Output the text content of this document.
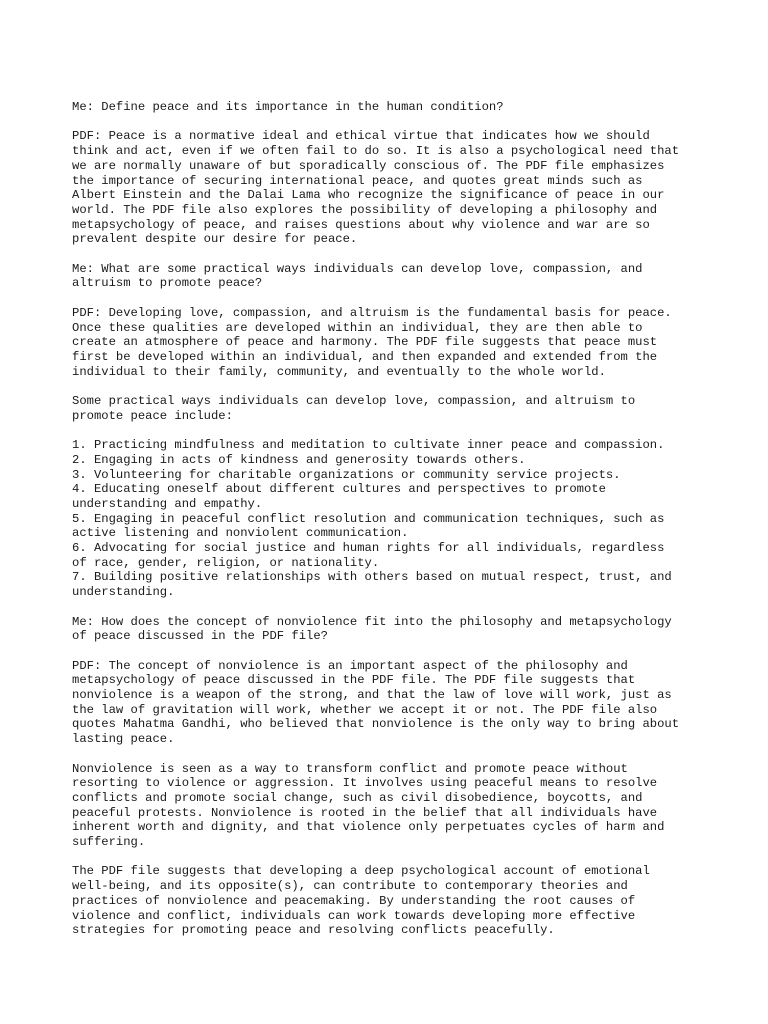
Me: Define peace and its importance in the human condition?

PDF: Peace is a normative ideal and ethical virtue that indicates how we should
think and act, even if we often fail to do so. It is also a psychological need that
we are normally unaware of but sporadically conscious of. The PDF file emphasizes
the importance of securing international peace, and quotes great minds such as
Albert Einstein and the Dalai Lama who recognize the significance of peace in our
world. The PDF file also explores the possibility of developing a philosophy and
metapsychology of peace, and raises questions about why violence and war are so
prevalent despite our desire for peace.

Me: What are some practical ways individuals can develop love, compassion, and
altruism to promote peace?

PDF: Developing love, compassion, and altruism is the fundamental basis for peace.
Once these qualities are developed within an individual, they are then able to
create an atmosphere of peace and harmony. The PDF file suggests that peace must
first be developed within an individual, and then expanded and extended from the
individual to their family, community, and eventually to the whole world.

Some practical ways individuals can develop love, compassion, and altruism to
promote peace include:

1. Practicing mindfulness and meditation to cultivate inner peace and compassion.
2. Engaging in acts of kindness and generosity towards others.
3. Volunteering for charitable organizations or community service projects.
4. Educating oneself about different cultures and perspectives to promote
understanding and empathy.
5. Engaging in peaceful conflict resolution and communication techniques, such as
active listening and nonviolent communication.
6. Advocating for social justice and human rights for all individuals, regardless
of race, gender, religion, or nationality.
7. Building positive relationships with others based on mutual respect, trust, and
understanding.

Me: How does the concept of nonviolence fit into the philosophy and metapsychology
of peace discussed in the PDF file?

PDF: The concept of nonviolence is an important aspect of the philosophy and
metapsychology of peace discussed in the PDF file. The PDF file suggests that
nonviolence is a weapon of the strong, and that the law of love will work, just as
the law of gravitation will work, whether we accept it or not. The PDF file also
quotes Mahatma Gandhi, who believed that nonviolence is the only way to bring about
lasting peace.

Nonviolence is seen as a way to transform conflict and promote peace without
resorting to violence or aggression. It involves using peaceful means to resolve
conflicts and promote social change, such as civil disobedience, boycotts, and
peaceful protests. Nonviolence is rooted in the belief that all individuals have
inherent worth and dignity, and that violence only perpetuates cycles of harm and
suffering.

The PDF file suggests that developing a deep psychological account of emotional
well-being, and its opposite(s), can contribute to contemporary theories and
practices of nonviolence and peacemaking. By understanding the root causes of
violence and conflict, individuals can work towards developing more effective
strategies for promoting peace and resolving conflicts peacefully.
